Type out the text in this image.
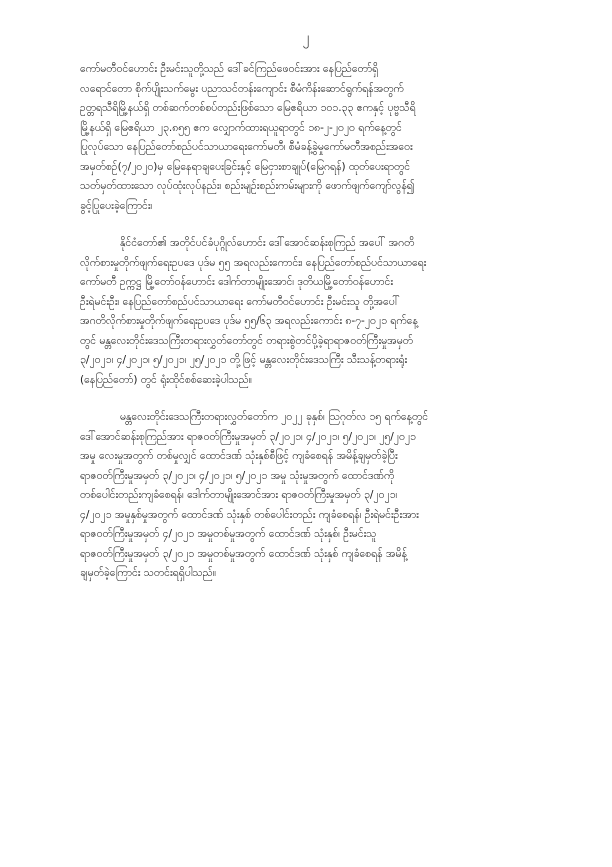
၂

ကော်မတီဝင်ဟောင်း ဦးမင်းသူတို့သည် ဒေါ်ခင်ကြည်ဖေဝင်းအား နေပြည်တော်ရှိ
လရောင်တော စိုက်ပျိုးသက်မွေး ပညာသင်တန်းကျောင်း စီမံကိန်းဆောင်ရွက်ရန်အတွက်
ဥတ္တရသီရိမြို့နယ်ရှိ တစ်ဆက်တစ်စပ်တည်းဖြစ်သော မြေဧရိယာ ၁၀၁.၃၃ ဧကနှင့် ပုဗ္ဗသီရိ
မြို့နယ်ရှိ မြေဧရိယာ ၂၃.၈၅၅ ဧက လျှောက်ထားရယူရာတွင် ၁၈-၂-၂၀၂၀ ရက်နေ့တွင်
ပြုလုပ်သော နေပြည်တော်စည်ပင်သာယာရေးကော်မတီ၊ စီမံခန့်ခွဲမှုကော်မတီအစည်းအဝေး
အမှတ်စဉ်(၇/၂၀၂၀)မှ မြေနေရာချပေးခြင်းနှင့် မြေငှားစာချုပ်(မြေဂရန်) ထုတ်ပေးရာတွင်
သတ်မှတ်ထားသော လုပ်ထုံးလုပ်နည်း၊ စည်းမျဉ်းစည်းကမ်းများကို ဖောက်ဖျက်ကျော်လွန်၍
ခွင့်ပြုပေးခဲ့ကြောင်း၊

နိုင်ငံတော်၏ အတိုင်ပင်ခံပုဂ္ဂိုလ်ဟောင်း ဒေါ်အောင်ဆန်းစုကြည် အပေါ် အဂတိ
လိုက်စားမှုတိုက်ဖျက်ရေးဥပဒေ ပုဒ်မ ၅၅ အရလည်းကောင်း၊ နေပြည်တော်စည်ပင်သာယာရေး
ကော်မတီ ဥက္ကဋ္ဌ မြို့တော်ဝန်ဟောင်း ဒေါက်တာမျိုးအောင်၊ ဒုတိယမြို့တော်ဝန်ဟောင်း
ဦးရဲမင်းဦး၊ နေပြည်တော်စည်ပင်သာယာရေး ကော်မတီဝင်ဟောင်း ဦးမင်းသူ တို့အပေါ်
အဂတိလိုက်စားမှုတိုက်ဖျက်ရေးဥပဒေ ပုဒ်မ ၅၅/၆၃ အရလည်းကောင်း ၈-၇-၂၀၂၁ ရက်နေ့
တွင် မန္တလေးတိုင်းဒေသကြီးတရားလွှတ်တော်တွင် တရားစွဲတင်ပို့ခဲ့ရာရာဇဝတ်ကြီးမှုအမှတ်
၃/၂၀၂၁၊ ၄/၂၀၂၁၊ ၅/၂၀၂၁၊ ၂၅/၂၀၂၁ တို့ဖြင့် မန္တလေးတိုင်းဒေသကြီး သီးသန့်တရားရုံး
(နေပြည်တော်) တွင် ရုံးထိုင်စစ်ဆေးခဲ့ပါသည်။

မန္တလေးတိုင်းဒေသကြီးတရားလွှတ်တော်က ၂၀၂၂ ခုနှစ်၊ ဩဂုတ်လ ၁၅ ရက်နေ့တွင်
ဒေါ်အောင်ဆန်းစုကြည်အား ရာဇဝတ်ကြီးမှုအမှတ် ၃/၂၀၂၁၊ ၄/၂၀၂၁၊ ၅/၂၀၂၁၊ ၂၅/၂၀၂၁
အမှု လေးမှုအတွက် တစ်မှုလျှင် ထောင်ဒဏ် သုံးနှစ်စီဖြင့် ကျခံစေရန် အမိန့်ချမှတ်ခဲ့ပြီး
ရာဇဝတ်ကြီးမှုအမှတ် ၃/၂၀၂၁၊ ၄/၂၀၂၁၊ ၅/၂၀၂၁ အမှု သုံးမှုအတွက် ထောင်ဒဏ်ကို
တစ်ပေါင်းတည်းကျခံစေရန်၊ ဒေါက်တာမျိုးအောင်အား ရာဇဝတ်ကြီးမှုအမှတ် ၃/၂၀၂၁၊
၄/၂၀၂၁ အမှုနှစ်မှုအတွက် ထောင်ဒဏ် သုံးနှစ် တစ်ပေါင်းတည်း ကျခံစေရန်၊ ဦးရဲမင်းဦးအား
ရာဇဝတ်ကြီးမှုအမှတ် ၄/၂၀၂၁ အမှုတစ်မှုအတွက် ထောင်ဒဏ် သုံးနှစ်၊ ဦးမင်းသူ
ရာဇဝတ်ကြီးမှုအမှတ် ၃/၂၀၂၁ အမှုတစ်မှုအတွက် ထောင်ဒဏ် သုံးနှစ် ကျခံစေရန် အမိန့်
ချမှတ်ခဲ့ကြောင်း သတင်းရရှိပါသည်။
